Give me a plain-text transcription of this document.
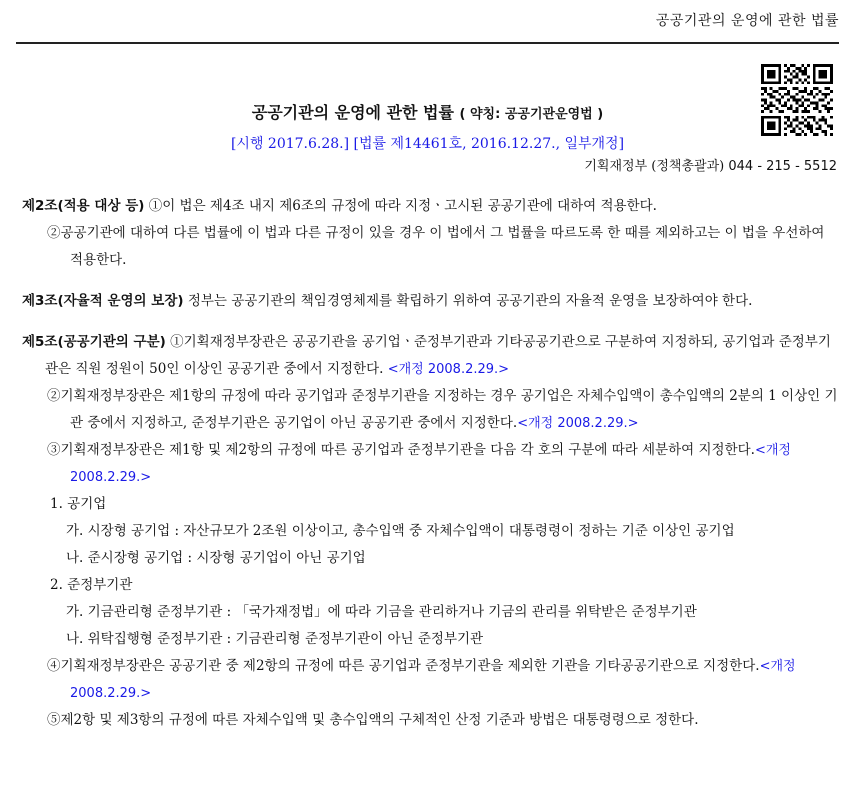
공공기관의 운영에 관한 법률
공공기관의 운영에 관한 법률 ( 약칭: 공공기관운영법 )
[시행 2017.6.28.] [법률 제14461호, 2016.12.27., 일부개정]
기획재정부 (정책총괄과) 044 - 215 - 5512

제2조(적용 대상 등) ①이 법은 제4조 내지 제6조의 규정에 따라 지정ㆍ고시된 공공기관에 대하여 적용한다.

②공공기관에 대하여 다른 법률에 이 법과 다른 규정이 있을 경우 이 법에서 그 법률을 따르도록 한 때를 제외하고는 이 법을 우선하여 적용한다.

제3조(자율적 운영의 보장) 정부는 공공기관의 책임경영체제를 확립하기 위하여 공공기관의 자율적 운영을 보장하여야 한다.

제5조(공공기관의 구분) ①기획재정부장관은 공공기관을 공기업ㆍ준정부기관과 기타공공기관으로 구분하여 지정하되, 공기업과 준정부기관은 직원 정원이 50인 이상인 공공기관 중에서 지정한다. <개정 2008.2.29.>

②기획재정부장관은 제1항의 규정에 따라 공기업과 준정부기관을 지정하는 경우 공기업은 자체수입액이 총수입액의 2분의 1 이상인 기관 중에서 지정하고, 준정부기관은 공기업이 아닌 공공기관 중에서 지정한다.<개정 2008.2.29.>

③기획재정부장관은 제1항 및 제2항의 규정에 따른 공기업과 준정부기관을 다음 각 호의 구분에 따라 세분하여 지정한다.<개정 2008.2.29.>

1. 공기업

가. 시장형 공기업 : 자산규모가 2조원 이상이고, 총수입액 중 자체수입액이 대통령령이 정하는 기준 이상인 공기업

나. 준시장형 공기업 : 시장형 공기업이 아닌 공기업

2. 준정부기관

가. 기금관리형 준정부기관 : 「국가재정법」에 따라 기금을 관리하거나 기금의 관리를 위탁받은 준정부기관

나. 위탁집행형 준정부기관 : 기금관리형 준정부기관이 아닌 준정부기관

④기획재정부장관은 공공기관 중 제2항의 규정에 따른 공기업과 준정부기관을 제외한 기관을 기타공공기관으로 지정한다.<개정 2008.2.29.>

⑤제2항 및 제3항의 규정에 따른 자체수입액 및 총수입액의 구체적인 산정 기준과 방법은 대통령령으로 정한다.
